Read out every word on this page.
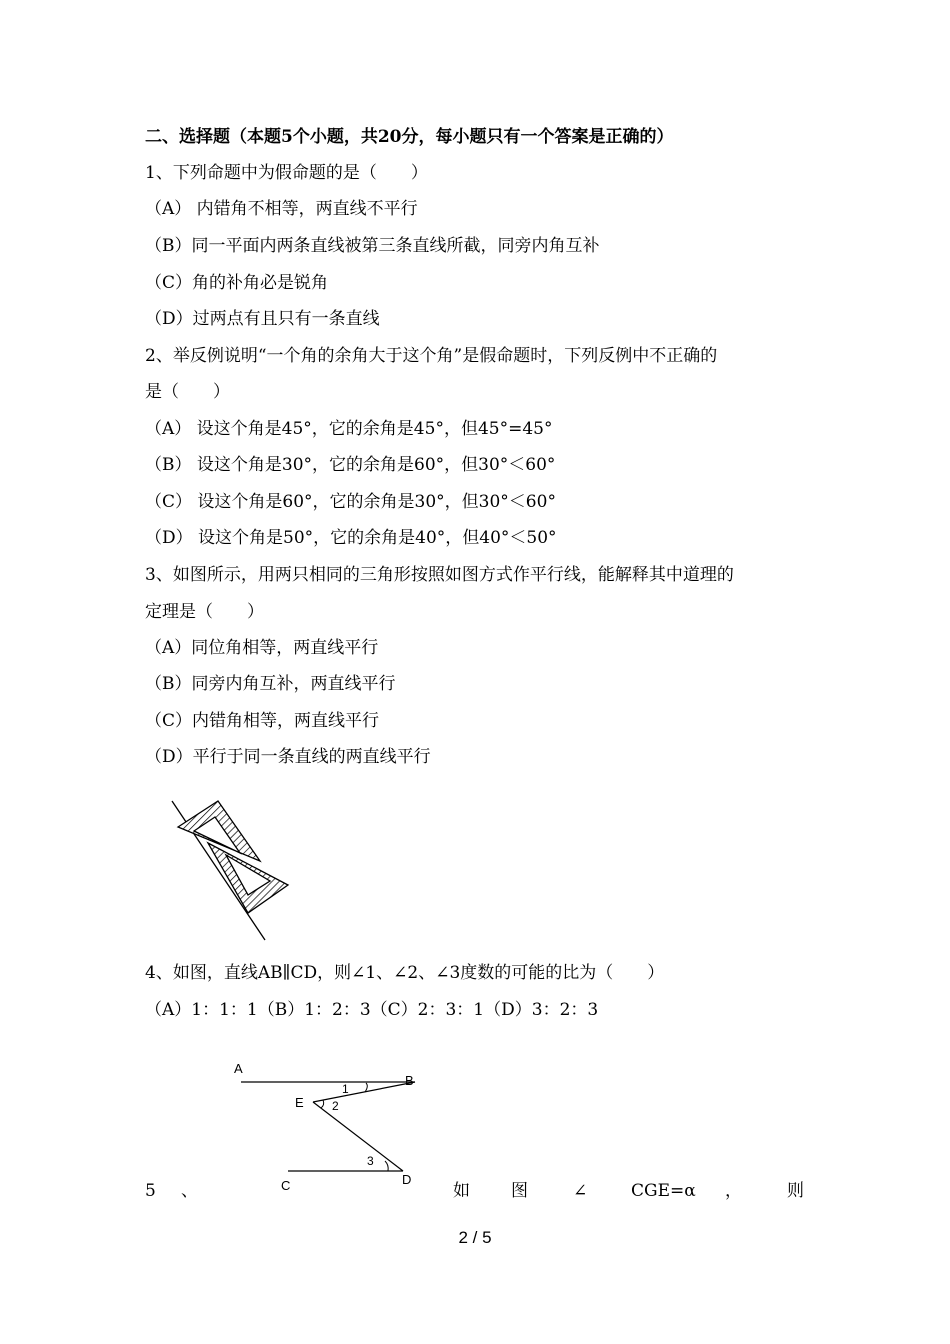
二、选择题（本题5个小题，共20分，每小题只有一个答案是正确的）
1、下列命题中为假命题的是（　　）
（A） 内错角不相等，两直线不平行
（B）同一平面内两条直线被第三条直线所截，同旁内角互补
（C）角的补角必是锐角
（D）过两点有且只有一条直线
2、举反例说明“一个角的余角大于这个角”是假命题时，下列反例中不正确的
是（　　）
（A） 设这个角是45°，它的余角是45°，但45°=45°
（B） 设这个角是30°，它的余角是60°，但30°＜60°
（C） 设这个角是60°，它的余角是30°，但30°＜60°
（D） 设这个角是50°，它的余角是40°，但40°＜50°
3、如图所示，用两只相同的三角形按照如图方式作平行线，能解释其中道理的
定理是（　　）
（A）同位角相等，两直线平行
（B）同旁内角互补，两直线平行
（C）内错角相等，两直线平行
（D）平行于同一条直线的两直线平行
4、如图，直线AB∥CD，则∠1、∠2、∠3度数的可能的比为（　　）
（A）1：1：1（B）1：2：3（C）2：3：1（D）3：2：3
A
B
E
C	D
1
2
3
5 、	如 图	∠	CGE=α ，	则
2 / 5
